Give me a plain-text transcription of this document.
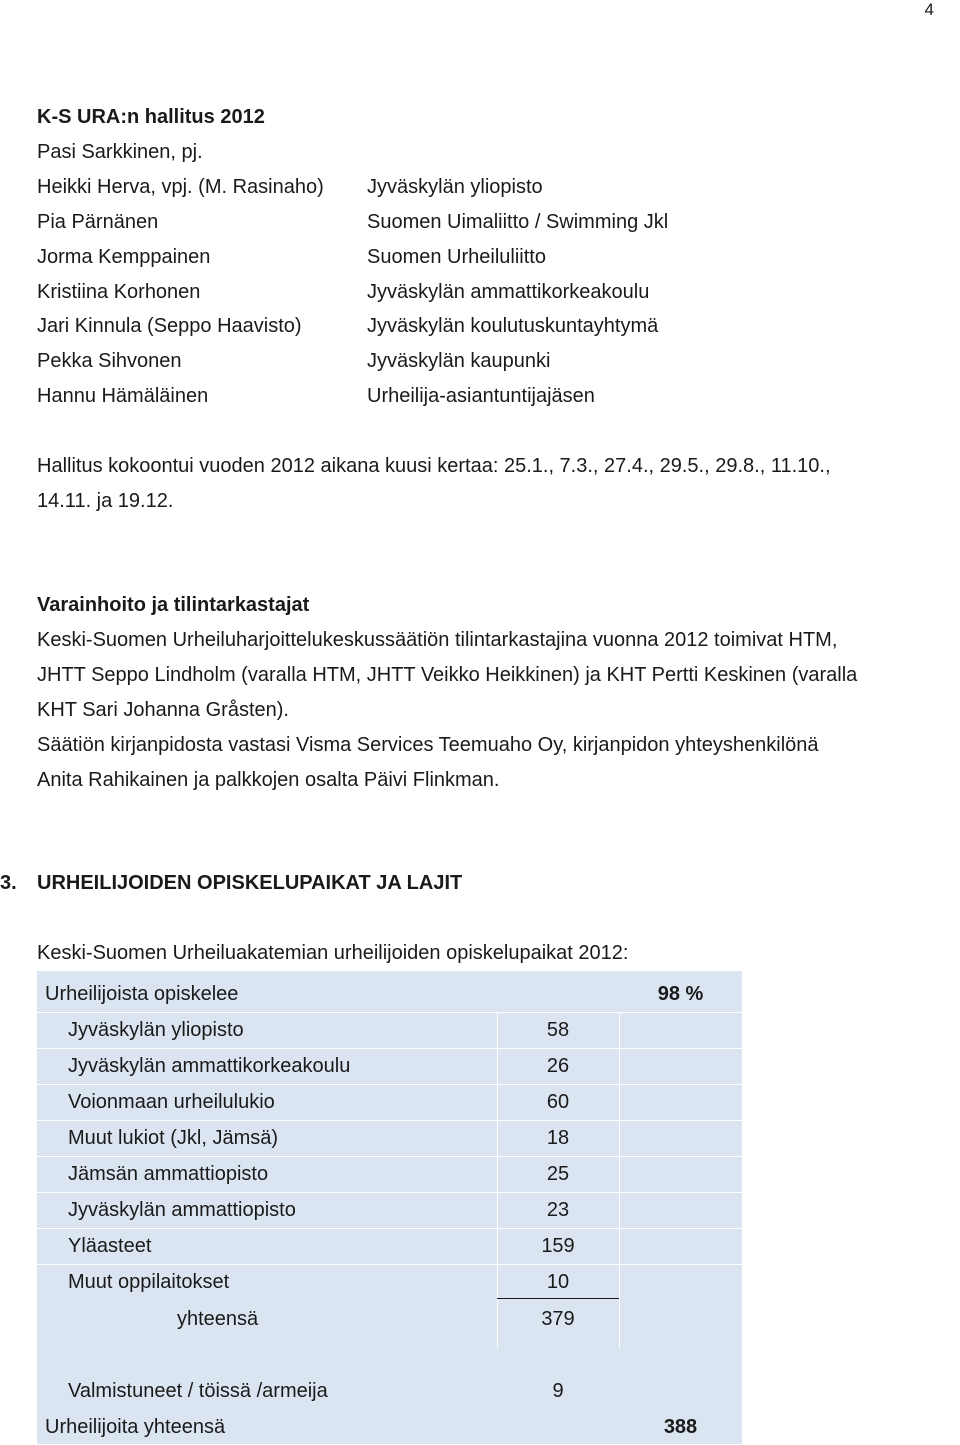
4
K-S URA:n hallitus 2012
Pasi Sarkkinen, pj.
Heikki Herva, vpj. (M. Rasinaho) Jyväskylän yliopisto
Pia Pärnänen	Suomen Uimaliitto / Swimming Jkl
Jorma Kemppainen	Suomen Urheiluliitto
Kristiina Korhonen	Jyväskylän ammattikorkeakoulu
Jari Kinnula (Seppo Haavisto)	Jyväskylän koulutuskuntayhtymä
Pekka Sihvonen	Jyväskylän kaupunki
Hannu Hämäläinen	Urheilija-asiantuntijajäsen
Hallitus kokoontui vuoden 2012 aikana kuusi kertaa: 25.1., 7.3., 27.4., 29.5., 29.8., 11.10.,
14.11. ja 19.12.
Varainhoito ja tilintarkastajat
Keski-Suomen Urheiluharjoittelukeskussäätiön tilintarkastajina vuonna 2012 toimivat HTM,
JHTT Seppo Lindholm (varalla HTM, JHTT Veikko Heikkinen) ja KHT Pertti Keskinen (varalla
KHT Sari Johanna Gråsten).
Säätiön kirjanpidosta vastasi Visma Services Teemuaho Oy, kirjanpidon yhteyshenkilönä
Anita Rahikainen ja palkkojen osalta Päivi Flinkman.
3. URHEILIJOIDEN OPISKELUPAIKAT JA LAJIT
Keski-Suomen Urheiluakatemian urheilijoiden opiskelupaikat 2012:
Urheilijoista opiskelee	98 %
Jyväskylän yliopisto	58
Jyväskylän ammattikorkeakoulu	26
Voionmaan urheilulukio	60
Muut lukiot (Jkl, Jämsä)	18
Jämsän ammattiopisto	25
Jyväskylän ammattiopisto	23
Yläasteet	159
Muut oppilaitokset	10
yhteensä	379
Valmistuneet / töissä /armeija	9
Urheilijoita yhteensä	388
